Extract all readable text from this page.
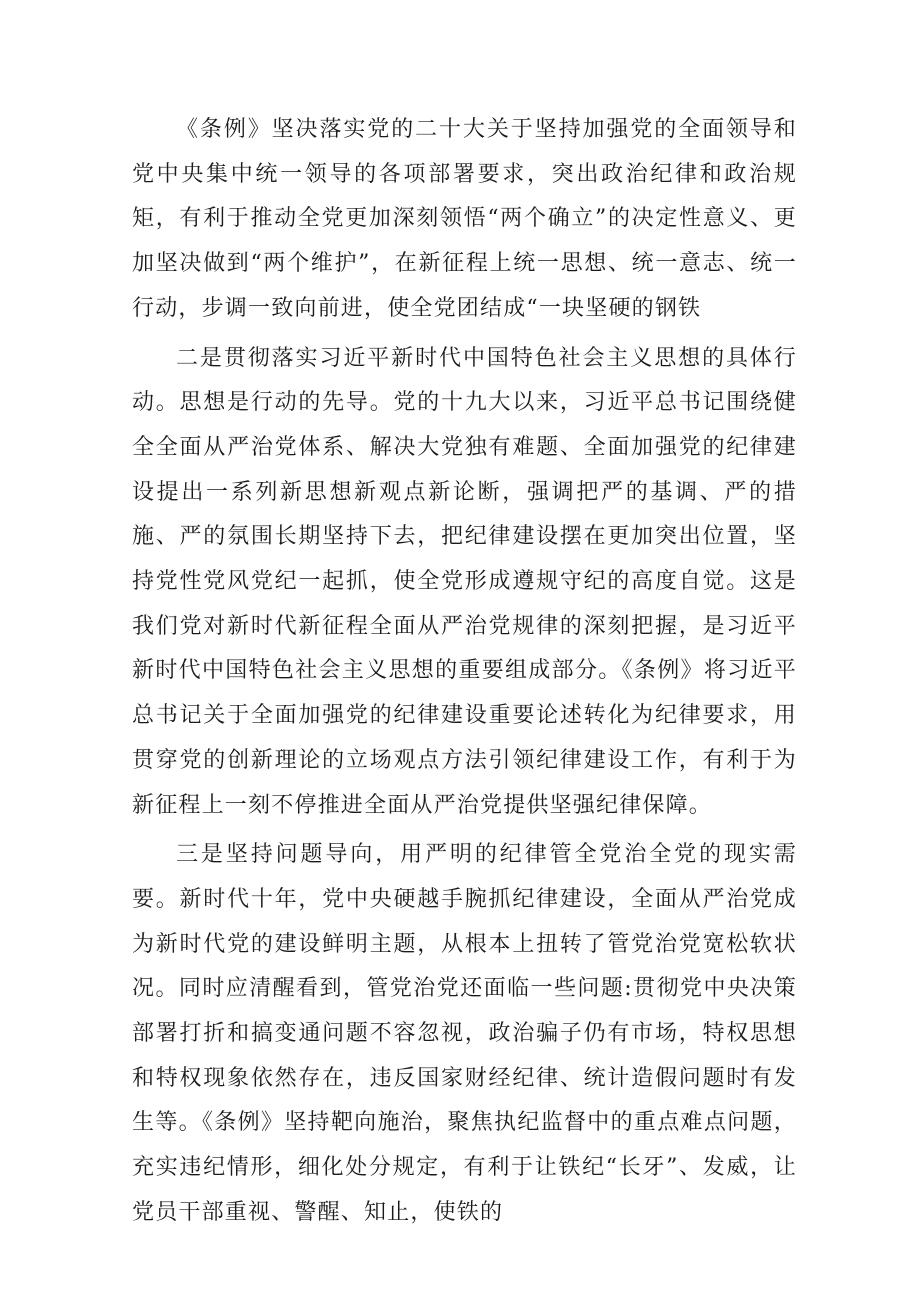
《条例》坚决落实党的二十大关于坚持加强党的全面领导和党中央集中统一领导的各项部署要求，突出政治纪律和政治规矩，有利于推动全党更加深刻领悟“两个确立”的决定性意义、更加坚决做到“两个维护”，在新征程上统一思想、统一意志、统一行动，步调一致向前进，使全党团结成“一块坚硬的钢铁

二是贯彻落实习近平新时代中国特色社会主义思想的具体行动。思想是行动的先导。党的十九大以来，习近平总书记围绕健全全面从严治党体系、解决大党独有难题、全面加强党的纪律建设提出一系列新思想新观点新论断，强调把严的基调、严的措施、严的氛围长期坚持下去，把纪律建设摆在更加突出位置，坚持党性党风党纪一起抓，使全党形成遵规守纪的高度自觉。这是我们党对新时代新征程全面从严治党规律的深刻把握，是习近平新时代中国特色社会主义思想的重要组成部分。《条例》将习近平总书记关于全面加强党的纪律建设重要论述转化为纪律要求，用贯穿党的创新理论的立场观点方法引领纪律建设工作，有利于为新征程上一刻不停推进全面从严治党提供坚强纪律保障。

三是坚持问题导向，用严明的纪律管全党治全党的现实需要。新时代十年，党中央硬越手腕抓纪律建设，全面从严治党成为新时代党的建设鲜明主题，从根本上扭转了管党治党宽松软状况。同时应清醒看到，管党治党还面临一些问题:贯彻党中央决策部署打折和搞变通问题不容忽视，政治骗子仍有市场，特权思想和特权现象依然存在，违反国家财经纪律、统计造假问题时有发生等。《条例》坚持靶向施治，聚焦执纪监督中的重点难点问题，充实违纪情形，细化处分规定，有利于让铁纪“长牙”、发威，让党员干部重视、警醒、知止，使铁的
